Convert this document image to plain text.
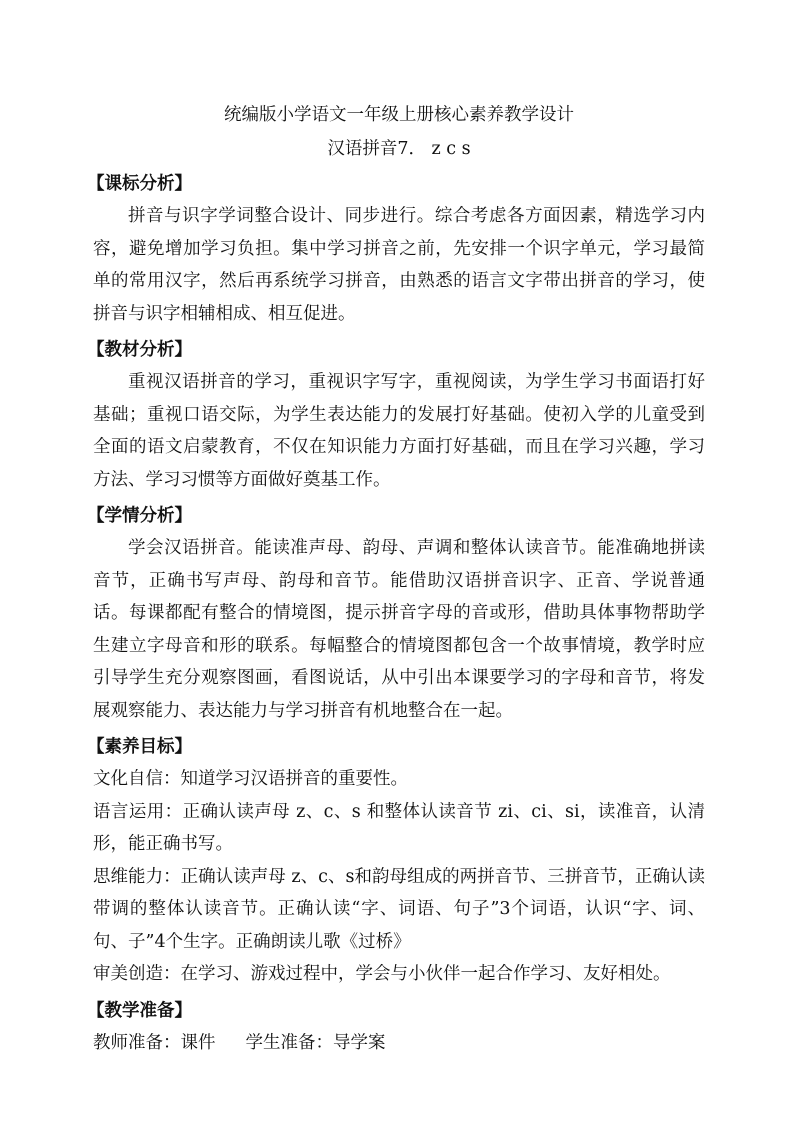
统编版小学语文一年级上册核心素养教学设计
汉语拼音7． z c s
【课标分析】

拼音与识字学词整合设计、同步进行。综合考虑各方面因素，精选学习内容，避免增加学习负担。集中学习拼音之前，先安排一个识字单元，学习最简单的常用汉字，然后再系统学习拼音，由熟悉的语言文字带出拼音的学习，使拼音与识字相辅相成、相互促进。

【教材分析】

重视汉语拼音的学习，重视识字写字，重视阅读，为学生学习书面语打好基础；重视口语交际，为学生表达能力的发展打好基础。使初入学的儿童受到全面的语文启蒙教育，不仅在知识能力方面打好基础，而且在学习兴趣，学习方法、学习习惯等方面做好奠基工作。

【学情分析】

学会汉语拼音。能读准声母、韵母、声调和整体认读音节。能准确地拼读音节，正确书写声母、韵母和音节。能借助汉语拼音识字、正音、学说普通话。每课都配有整合的情境图，提示拼音字母的音或形，借助具体事物帮助学生建立字母音和形的联系。每幅整合的情境图都包含一个故事情境，教学时应引导学生充分观察图画，看图说话，从中引出本课要学习的字母和音节，将发展观察能力、表达能力与学习拼音有机地整合在一起。

【素养目标】

文化自信：知道学习汉语拼音的重要性。

语言运用：正确认读声母 z、c、s 和整体认读音节 zi、ci、si，读准音，认清形，能正确书写。

思维能力：正确认读声母 z、c、s和韵母组成的两拼音节、三拼音节，正确认读带调的整体认读音节。正确认读“字、词语、句子”3个词语，认识“字、词、句、子”4个生字。正确朗读儿歌《过桥》

审美创造：在学习、游戏过程中，学会与小伙伴一起合作学习、友好相处。

【教学准备】

教师准备：课件 学生准备：导学案
